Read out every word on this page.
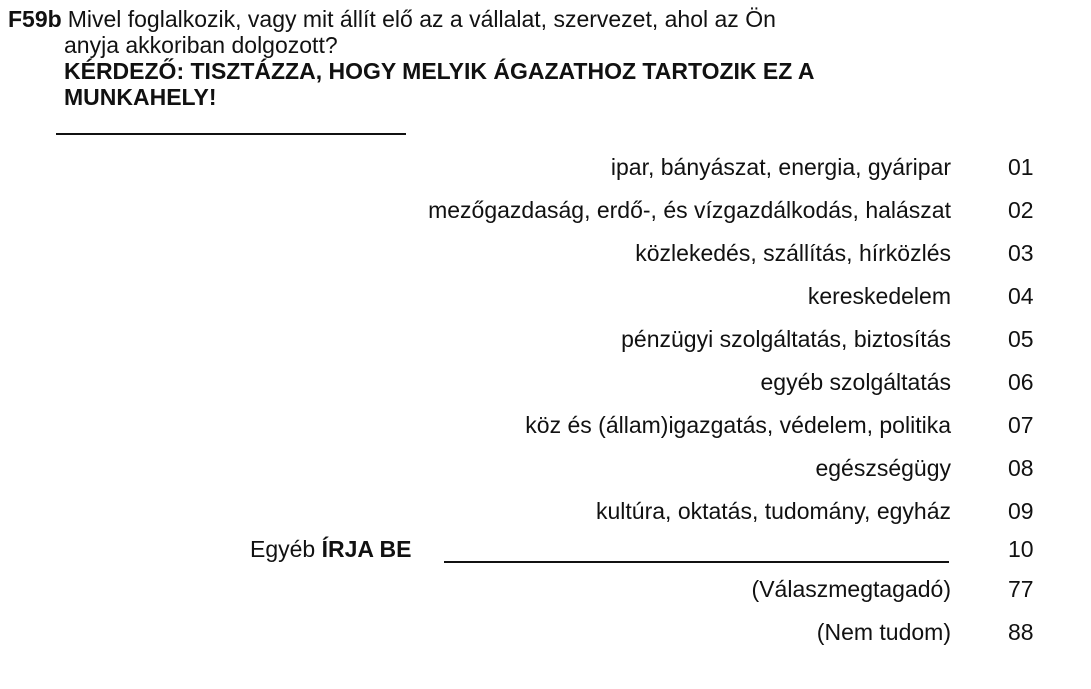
F59b Mivel foglalkozik, vagy mit állít elő az a vállalat, szervezet, ahol az Ön
anyja akkoriban dolgozott?
KÉRDEZŐ: TISZTÁZZA, HOGY MELYIK ÁGAZATHOZ TARTOZIK EZ A
MUNKAHELY!
ipar, bányászat, energia, gyáripar 01
mezőgazdaság, erdő-, és vízgazdálkodás, halászat 02
közlekedés, szállítás, hírközlés 03
kereskedelem 04
pénzügyi szolgáltatás, biztosítás 05
egyéb szolgáltatás 06
köz és (állam)igazgatás, védelem, politika 07
egészségügy 08
kultúra, oktatás, tudomány, egyház 09
Egyéb ÍRJA BE	10
(Válaszmegtagadó) 77
(Nem tudom) 88
